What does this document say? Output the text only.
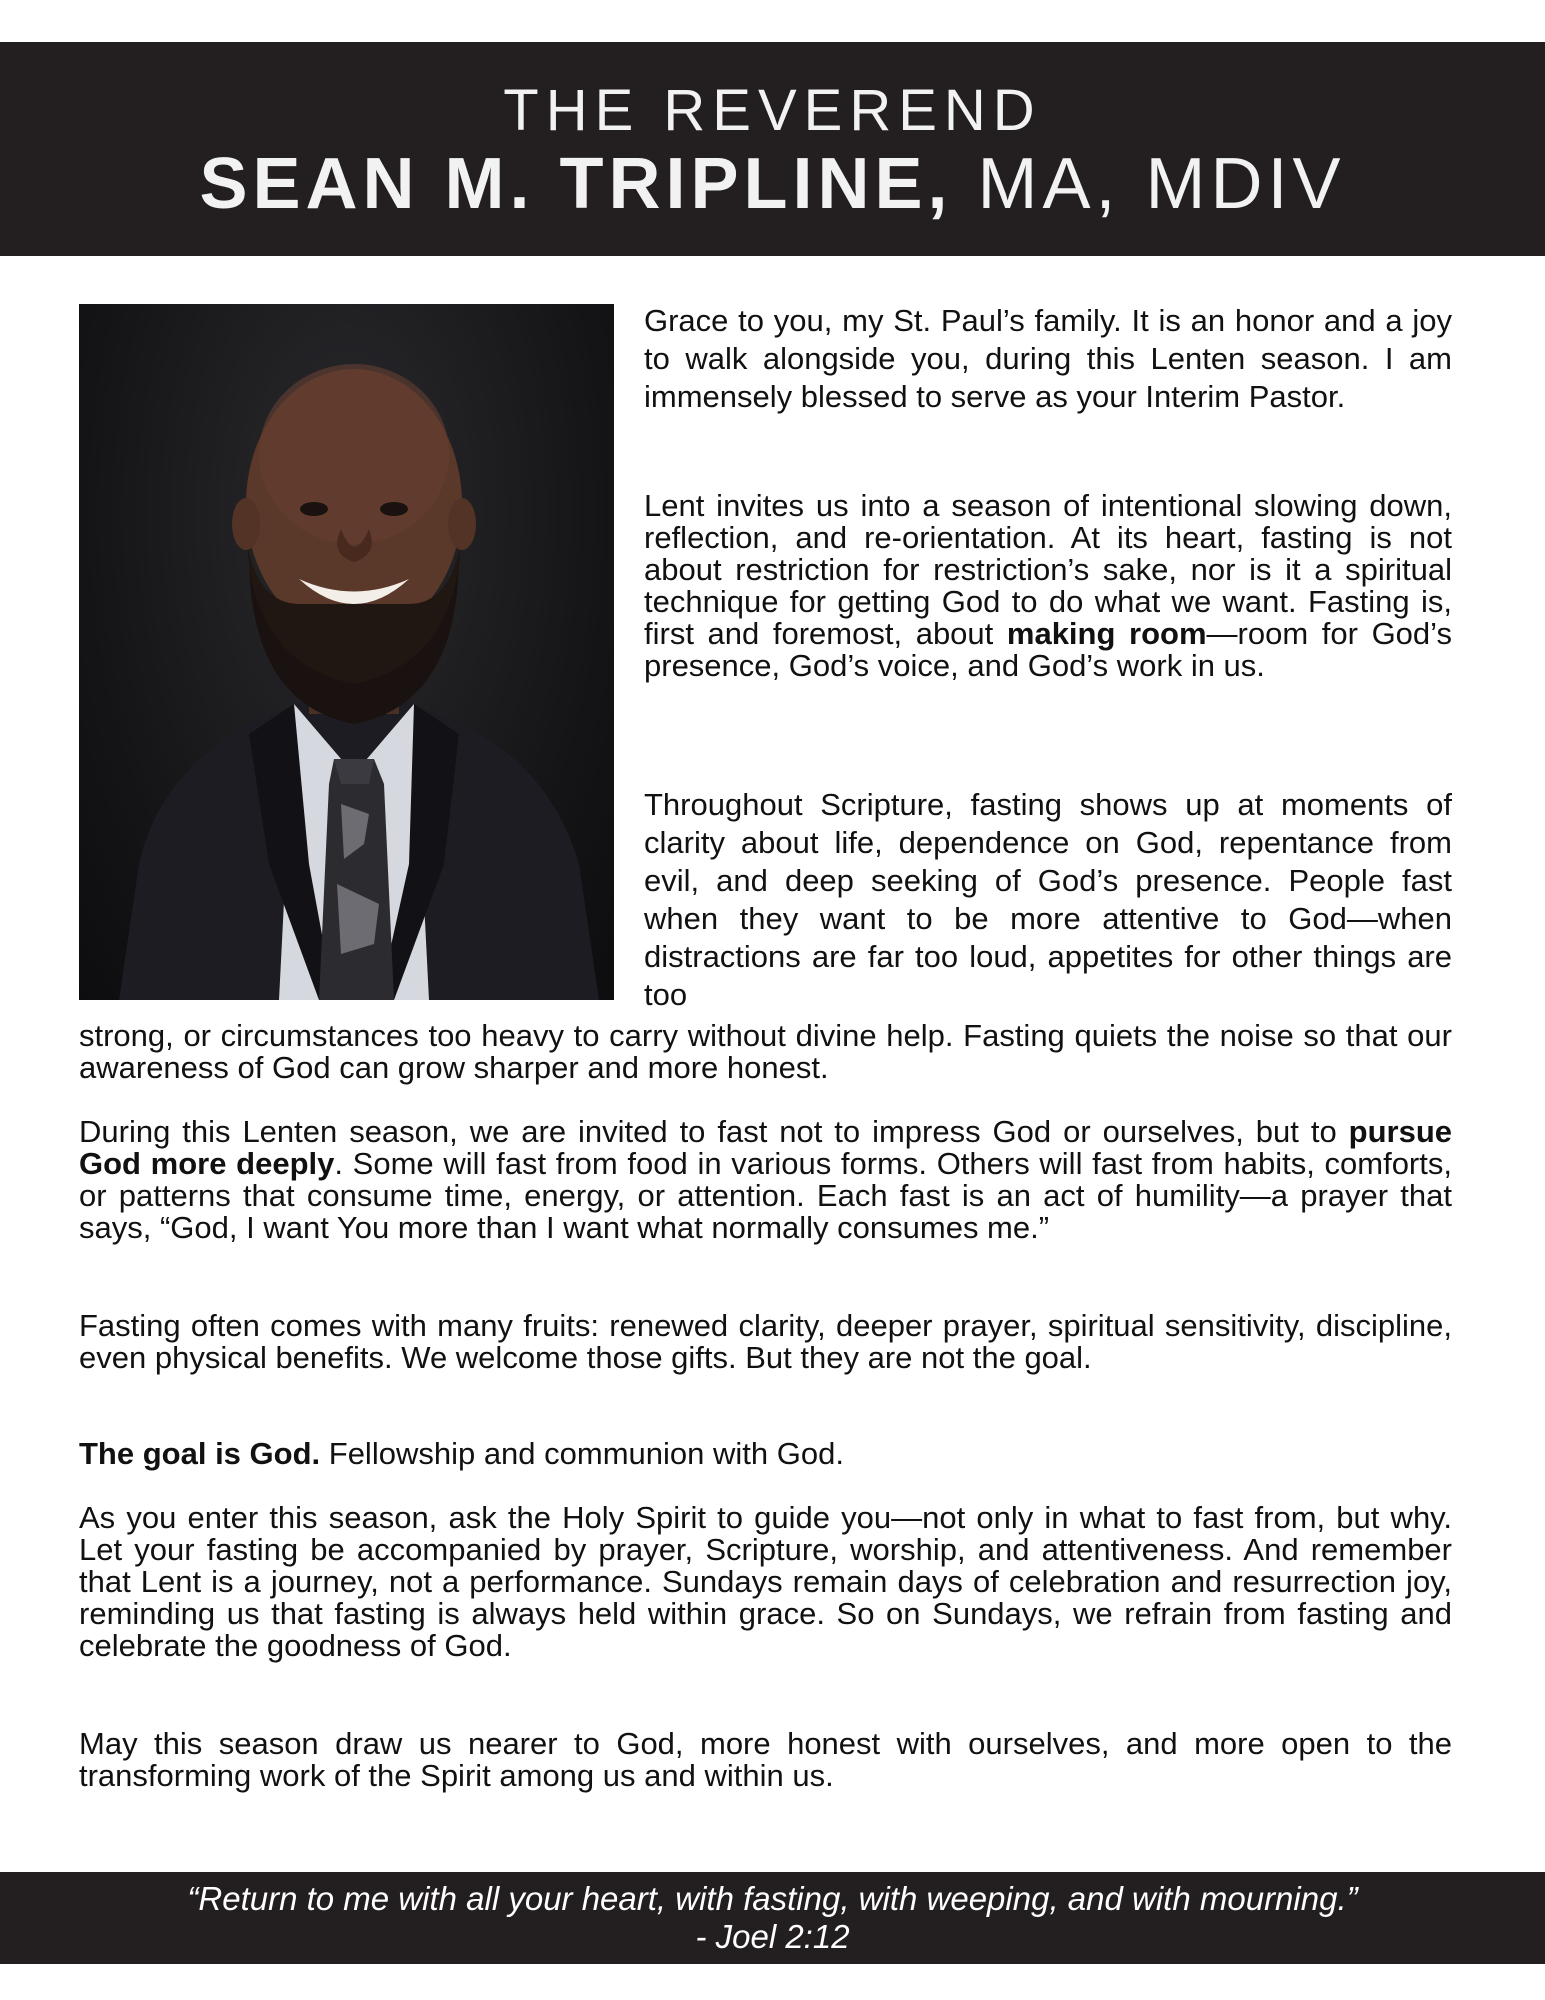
THE REVEREND
SEAN M. TRIPLINE, MA, MDIV

Grace to you, my St. Paul’s family. It is an honor and a joy to walk alongside you, during this Lenten season. I am immensely blessed to serve as your Interim Pastor.

Lent invites us into a season of intentional slowing down, reflection, and re-orientation. At its heart, fasting is not about restriction for restriction’s sake, nor is it a spiritual technique for getting God to do what we want. Fasting is, first and foremost, about making room—room for God’s presence, God’s voice, and God’s work in us.

Throughout Scripture, fasting shows up at moments of clarity about life, dependence on God, repentance from evil, and deep seeking of God’s presence. People fast when they want to be more attentive to God—when distractions are far too loud, appetites for other things are too

strong, or circumstances too heavy to carry without divine help. Fasting quiets the noise so that our awareness of God can grow sharper and more honest.

During this Lenten season, we are invited to fast not to impress God or ourselves, but to pursue God more deeply. Some will fast from food in various forms. Others will fast from habits, comforts, or patterns that consume time, energy, or attention. Each fast is an act of humility—a prayer that says, “God, I want You more than I want what normally consumes me.”

Fasting often comes with many fruits: renewed clarity, deeper prayer, spiritual sensitivity, discipline, even physical benefits. We welcome those gifts. But they are not the goal.

The goal is God. Fellowship and communion with God.

As you enter this season, ask the Holy Spirit to guide you—not only in what to fast from, but why. Let your fasting be accompanied by prayer, Scripture, worship, and attentiveness. And remember that Lent is a journey, not a performance. Sundays remain days of celebration and resurrection joy, reminding us that fasting is always held within grace. So on Sundays, we refrain from fasting and celebrate the goodness of God.

May this season draw us nearer to God, more honest with ourselves, and more open to the transforming work of the Spirit among us and within us.

“Return to me with all your heart, with fasting, with weeping, and with mourning.”
- Joel 2:12
